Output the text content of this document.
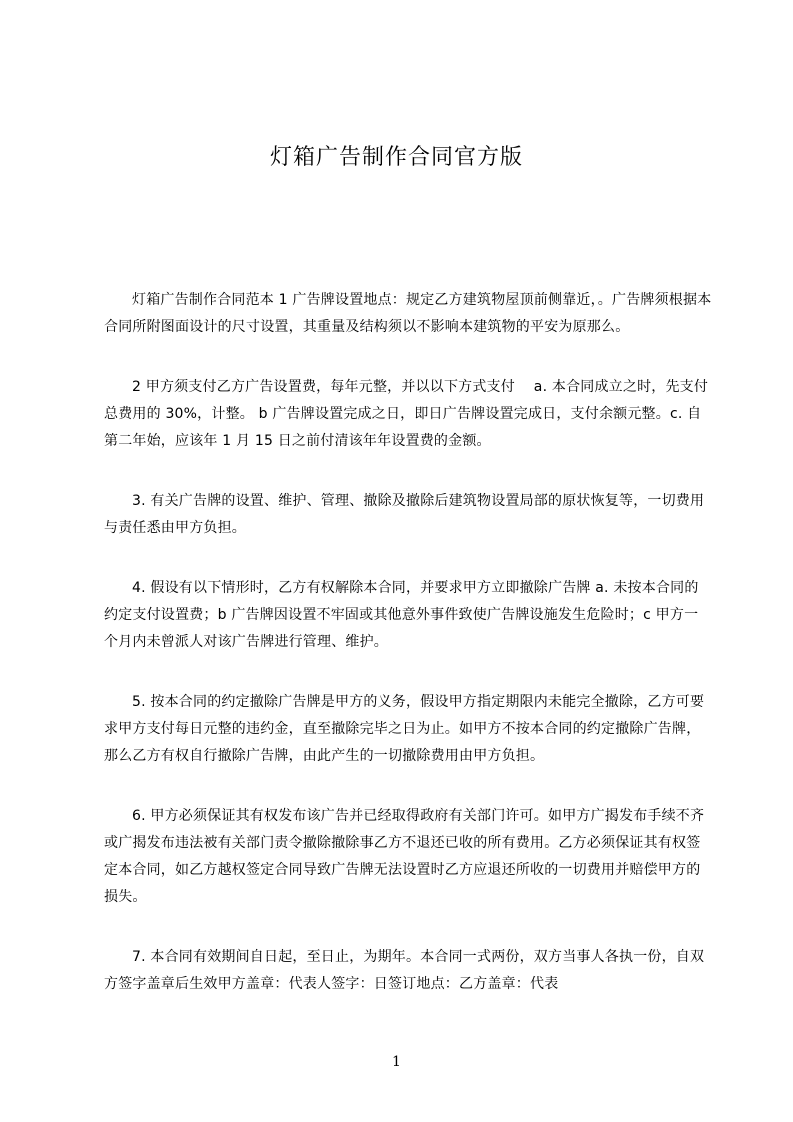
灯箱广告制作合同官方版

灯箱广告制作合同范本 1 广告牌设置地点：规定乙方建筑物屋顶前侧靠近，。广告牌须根据本合同所附图面设计的尺寸设置，其重量及结构须以不影响本建筑物的平安为原那么。

2 甲方须支付乙方广告设置费，每年元整，并以以下方式支付　 a. 本合同成立之时，先支付总费用的 30%，计整。 b 广告牌设置完成之日，即日广告牌设置完成日，支付余额元整。c. 自第二年始，应该年 1 月 15 日之前付清该年年设置费的金额。

3. 有关广告牌的设置、维护、管理、撤除及撤除后建筑物设置局部的原状恢复等，一切费用与责任悉由甲方负担。

4. 假设有以下情形时，乙方有权解除本合同，并要求甲方立即撤除广告牌 a. 未按本合同的约定支付设置费；b 广告牌因设置不牢固或其他意外事件致使广告牌设施发生危险时；c 甲方一个月内未曾派人对该广告牌进行管理、维护。

5. 按本合同的约定撤除广告牌是甲方的义务，假设甲方指定期限内未能完全撤除，乙方可要求甲方支付每日元整的违约金，直至撤除完毕之日为止。如甲方不按本合同的约定撤除广告牌，那么乙方有权自行撤除广告牌，由此产生的一切撤除费用由甲方负担。

6. 甲方必须保证其有权发布该广告并已经取得政府有关部门许可。如甲方广揭发布手续不齐或广揭发布违法被有关部门责令撤除撤除事乙方不退还已收的所有费用。乙方必须保证其有权签定本合同，如乙方越权签定合同导致广告牌无法设置时乙方应退还所收的一切费用并赔偿甲方的损失。

7. 本合同有效期间自日起，至日止，为期年。本合同一式两份，双方当事人各执一份，自双方签字盖章后生效甲方盖章：代表人签字：日签订地点：乙方盖章：代表

1
